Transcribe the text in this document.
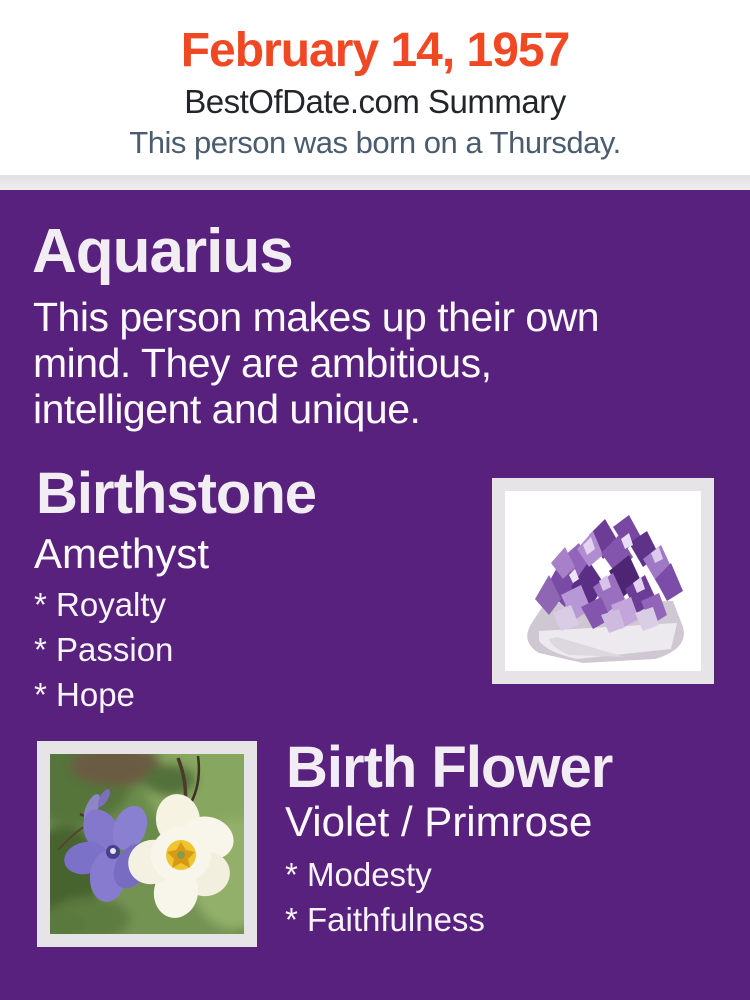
February 14, 1957
BestOfDate.com Summary
This person was born on a Thursday.
Aquarius
This person makes up their own
mind. They are ambitious,
intelligent and unique.
Birthstone
Amethyst
* Royalty
* Passion
* Hope
Birth Flower
Violet / Primrose
* Modesty
* Faithfulness
